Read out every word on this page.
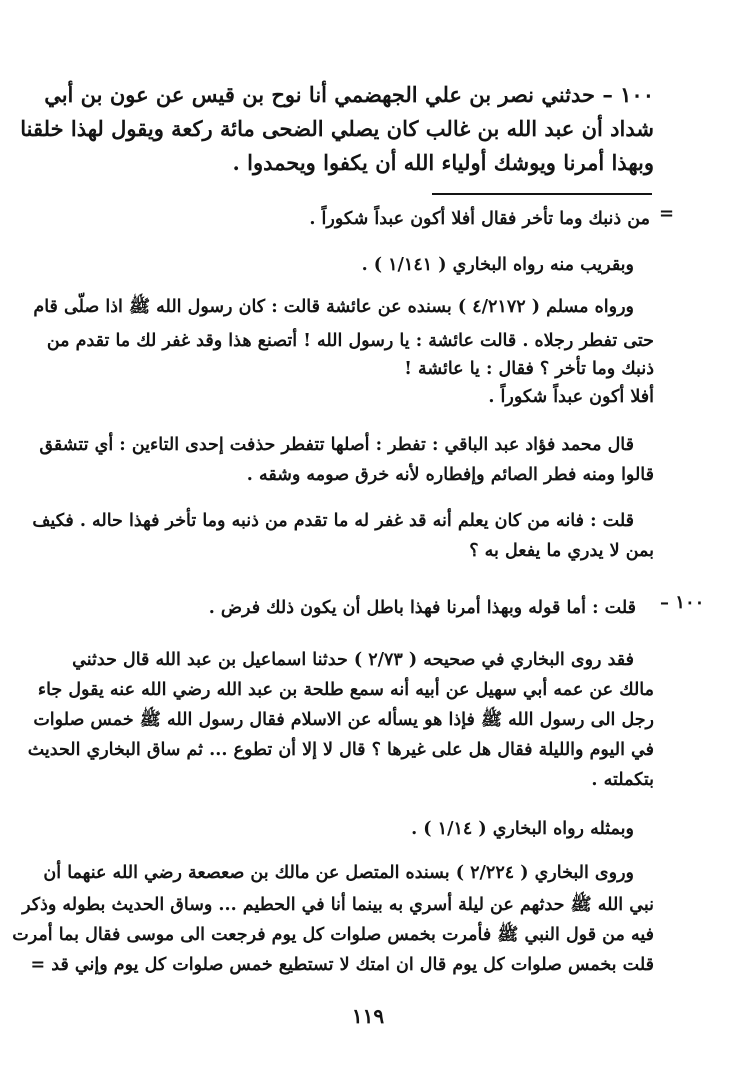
١٠٠ – حدثني نصر بن علي الجهضمي أنا نوح بن قيس عن عون بن أبي
شداد أن عبد الله بن غالب كان يصلي الضحى مائة ركعة ويقول لهذا خلقنا
وبهذا أمرنا ويوشك أولياء الله أن يكفوا ويحمدوا .
=
من ذنبك وما تأخر فقال أفلا أكون عبداً شكوراً .
وبقريب منه رواه البخاري ( ١/١٤١ ) .
ورواه مسلم ( ٤/٢١٧٢ ) بسنده عن عائشة قالت : كان رسول الله ﷺ اذا صلّى قام
حتى تفطر رجلاه . قالت عائشة : يا رسول الله ! أتصنع هذا وقد غفر لك ما تقدم من
ذنبك وما تأخر ؟ فقال : يا عائشة !
أفلا أكون عبداً شكوراً .
قال محمد فؤاد عبد الباقي : تفطر : أصلها تتفطر حذفت إحدى التاءين : أي تتشقق
قالوا ومنه فطر الصائم وإفطاره لأنه خرق صومه وشقه .
قلت : فانه من كان يعلم أنه قد غفر له ما تقدم من ذنبه وما تأخر فهذا حاله . فكيف
بمن لا يدري ما يفعل به ؟
١٠٠ –
قلت : أما قوله وبهذا أمرنا فهذا باطل أن يكون ذلك فرض .
فقد روى البخاري في صحيحه ( ٢/٧٣ ) حدثنا اسماعيل بن عبد الله قال حدثني
مالك عن عمه أبي سهيل عن أبيه أنه سمع طلحة بن عبد الله رضي الله عنه يقول جاء
رجل الى رسول الله ﷺ فإذا هو يسأله عن الاسلام فقال رسول الله ﷺ خمس صلوات
في اليوم والليلة فقال هل على غيرها ؟ قال لا إلا أن تطوع ... ثم ساق البخاري الحديث
بتكملته .
وبمثله رواه البخاري ( ١/١٤ ) .
وروى البخاري ( ٢/٢٢٤ ) بسنده المتصل عن مالك بن صعصعة رضي الله عنهما أن
نبي الله ﷺ حدثهم عن ليلة أسري به بينما أنا في الحطيم ... وساق الحديث بطوله وذكر
فيه من قول النبي ﷺ فأمرت بخمس صلوات كل يوم فرجعت الى موسى فقال بما أمرت
قلت بخمس صلوات كل يوم قال ان امتك لا تستطيع خمس صلوات كل يوم وإني قد =
١١٩
